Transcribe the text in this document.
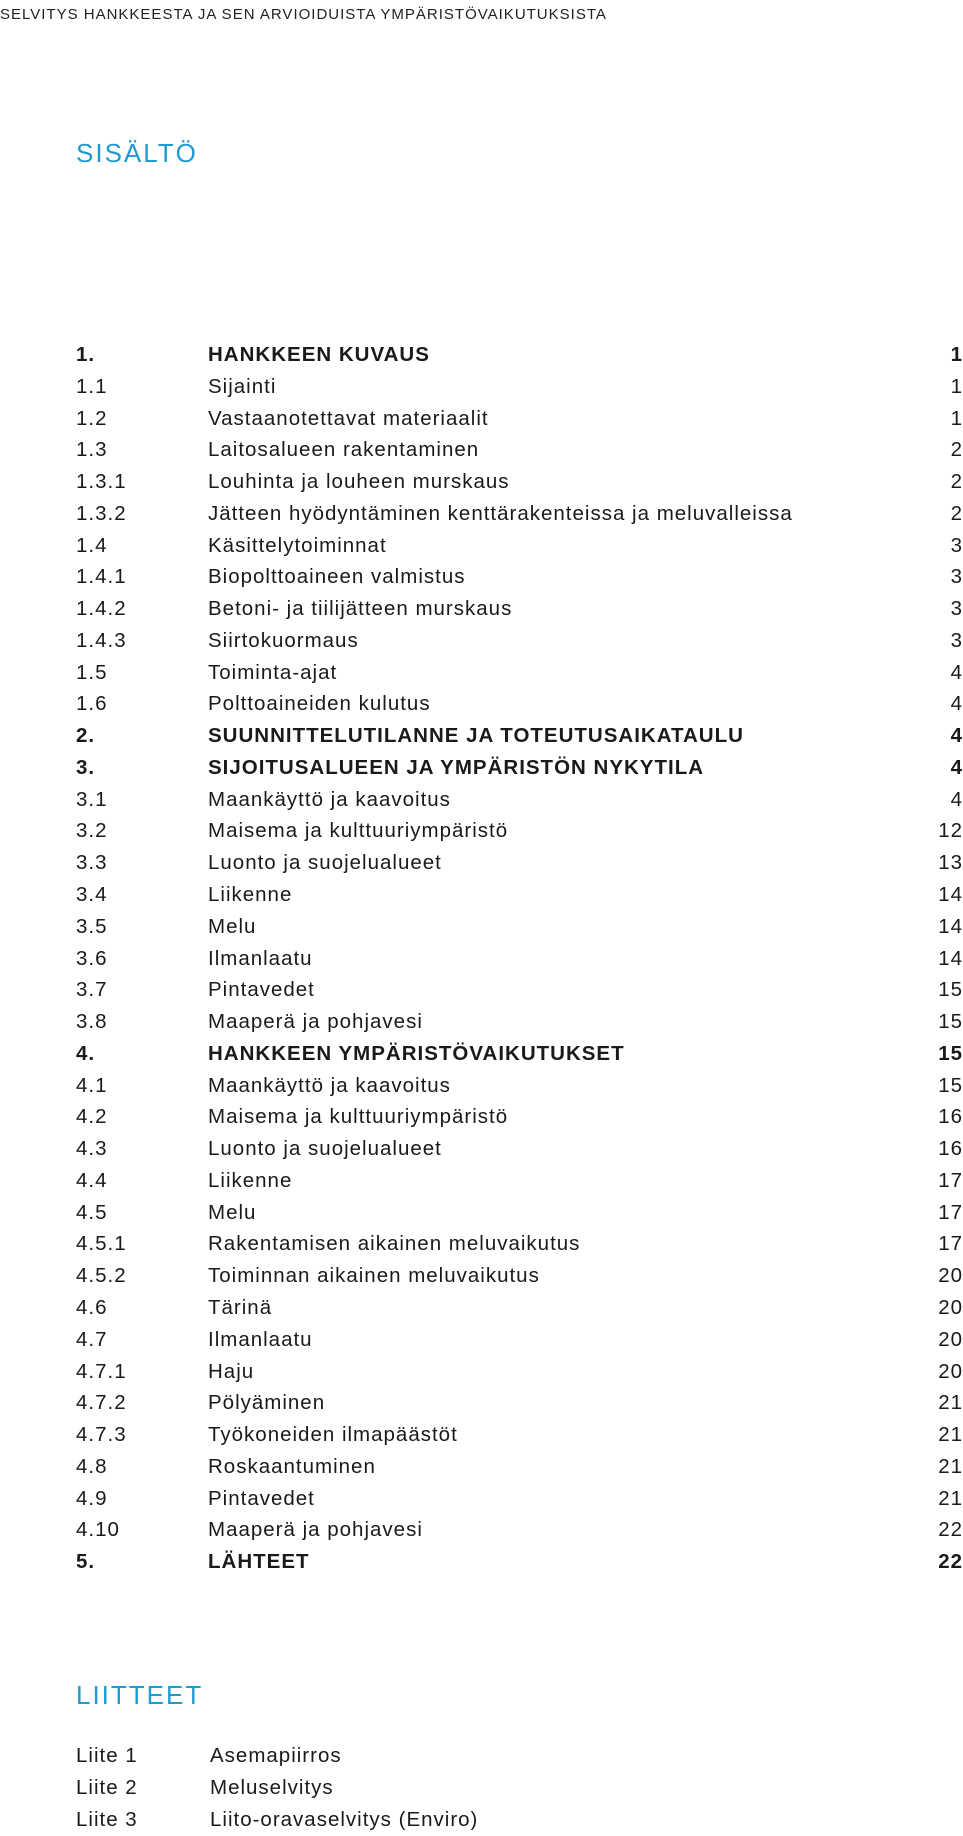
SELVITYS HANKKEESTA JA SEN ARVIOIDUISTA YMPÄRISTÖVAIKUTUKSISTA
SISÄLTÖ
1.	HANKKEEN KUVAUS	1
1.1	Sijainti	1
1.2	Vastaanotettavat materiaalit	1
1.3	Laitosalueen rakentaminen	2
1.3.1	Louhinta ja louheen murskaus	2
1.3.2	Jätteen hyödyntäminen kenttärakenteissa ja meluvalleissa	2
1.4	Käsittelytoiminnat	3
1.4.1	Biopolttoaineen valmistus	3
1.4.2	Betoni- ja tiilijätteen murskaus	3
1.4.3	Siirtokuormaus	3
1.5	Toiminta-ajat	4
1.6	Polttoaineiden kulutus	4
2.	SUUNNITTELUTILANNE JA TOTEUTUSAIKATAULU	4
3.	SIJOITUSALUEEN JA YMPÄRISTÖN NYKYTILA	4
3.1	Maankäyttö ja kaavoitus	4
3.2	Maisema ja kulttuuriympäristö	12
3.3	Luonto ja suojelualueet	13
3.4	Liikenne	14
3.5	Melu	14
3.6	Ilmanlaatu	14
3.7	Pintavedet	15
3.8	Maaperä ja pohjavesi	15
4.	HANKKEEN YMPÄRISTÖVAIKUTUKSET	15
4.1	Maankäyttö ja kaavoitus	15
4.2	Maisema ja kulttuuriympäristö	16
4.3	Luonto ja suojelualueet	16
4.4	Liikenne	17
4.5	Melu	17
4.5.1	Rakentamisen aikainen meluvaikutus	17
4.5.2	Toiminnan aikainen meluvaikutus	20
4.6	Tärinä	20
4.7	Ilmanlaatu	20
4.7.1	Haju	20
4.7.2	Pölyäminen	21
4.7.3	Työkoneiden ilmapäästöt	21
4.8	Roskaantuminen	21
4.9	Pintavedet	21
4.10	Maaperä ja pohjavesi	22
5.	LÄHTEET	22
LIITTEET
Liite 1	Asemapiirros
Liite 2	Meluselvitys
Liite 3	Liito-oravaselvitys (Enviro)
